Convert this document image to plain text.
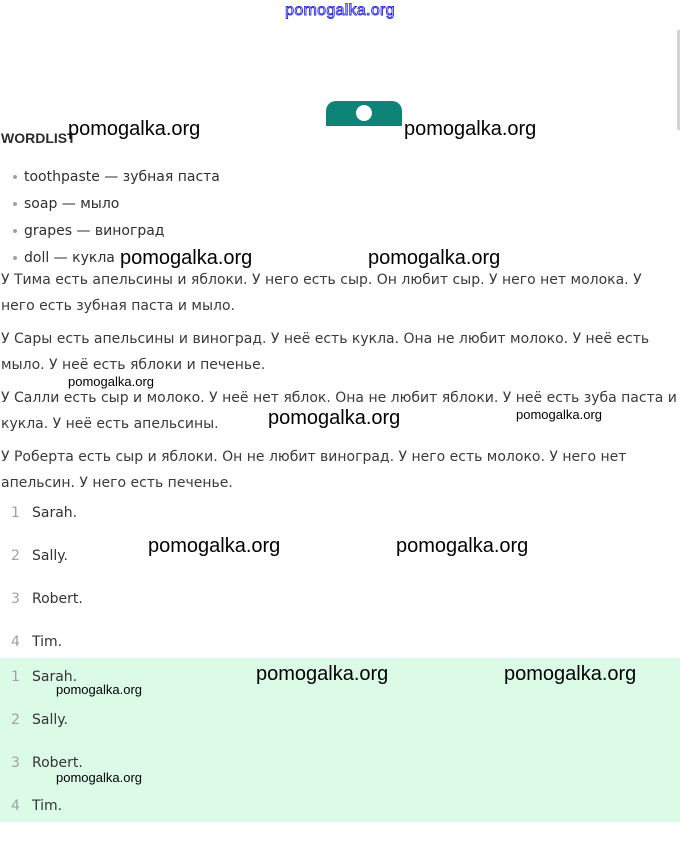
pomogalka.org
WORDLIST
toothpaste — зубная паста
soap — мыло
grapes — виноград
doll — кукла
У Тима есть апельсины и яблоки. У него есть сыр. Он любит сыр. У него нет молока. У него есть зубная паста и мыло.
У Сары есть апельсины и виноград. У неё есть кукла. Она не любит молоко. У неё есть мыло. У неё есть яблоки и печенье.
У Салли есть сыр и молоко. У неё нет яблок. Она не любит яблоки. У неё есть зуба паста и кукла. У неё есть апельсины.
У Роберта есть сыр и яблоки. Он не любит виноград. У него есть молоко. У него нет апельсин. У него есть печенье.
1 Sarah.
2 Sally.
3 Robert.
4 Tim.
1 Sarah.
2 Sally.
3 Robert.
4 Tim.
pomogalka.org	pomogalka.org
pomogalka.org	pomogalka.org
pomogalka.org
pomogalka.org	pomogalka.org
pomogalka.org	pomogalka.org
pomogalka.org	pomogalka.org
pomogalka.org
pomogalka.org
